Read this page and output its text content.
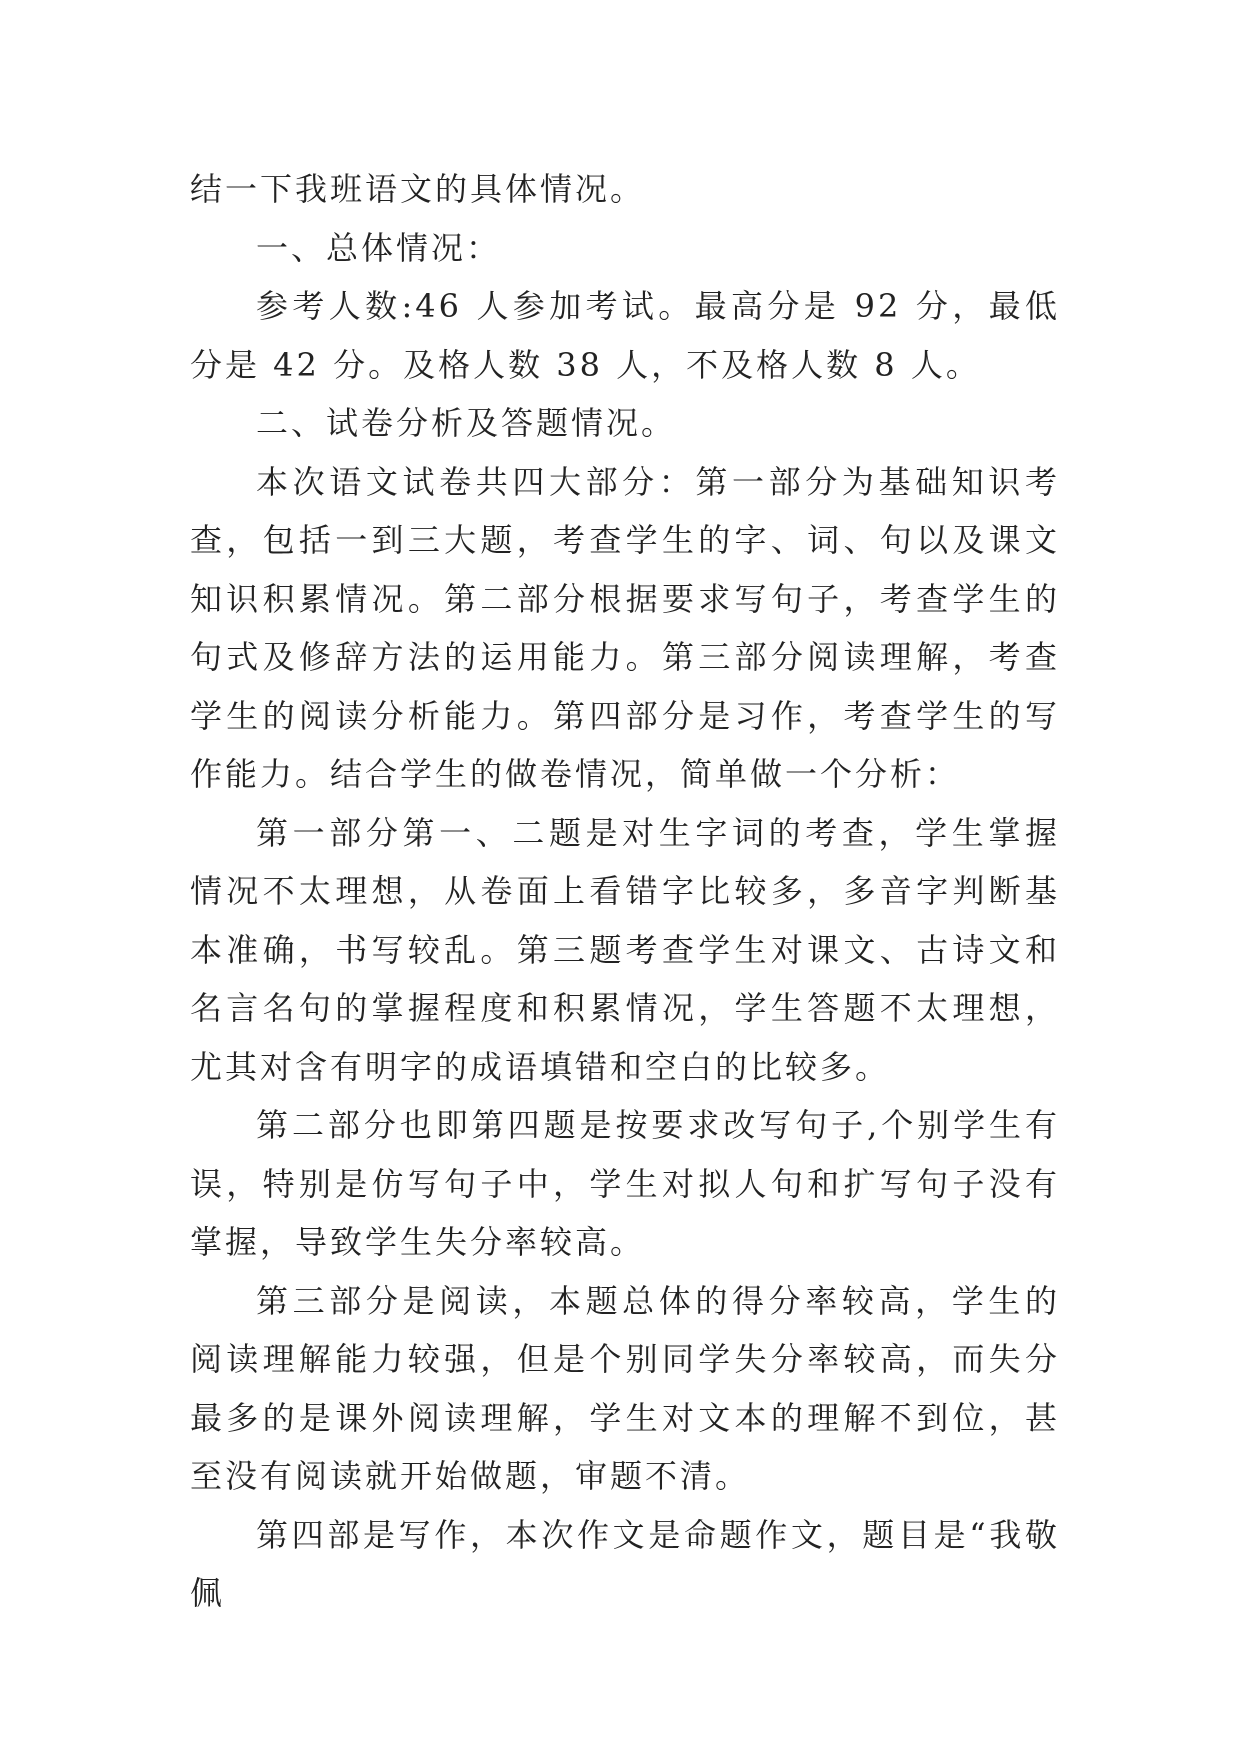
结一下我班语文的具体情况。

一、总体情况：

参考人数:46 人参加考试。最高分是 92 分，最低分是 42 分。及格人数 38 人，不及格人数 8 人。

二、试卷分析及答题情况。

本次语文试卷共四大部分：第一部分为基础知识考查，包括一到三大题，考查学生的字、词、句以及课文知识积累情况。第二部分根据要求写句子，考查学生的句式及修辞方法的运用能力。第三部分阅读理解，考查学生的阅读分析能力。第四部分是习作，考查学生的写作能力。结合学生的做卷情况，简单做一个分析：

第一部分第一、二题是对生字词的考查，学生掌握情况不太理想，从卷面上看错字比较多，多音字判断基本准确，书写较乱。第三题考查学生对课文、古诗文和名言名句的掌握程度和积累情况，学生答题不太理想，尤其对含有明字的成语填错和空白的比较多。

第二部分也即第四题是按要求改写句子,个别学生有误，特别是仿写句子中，学生对拟人句和扩写句子没有掌握，导致学生失分率较高。

第三部分是阅读，本题总体的得分率较高，学生的阅读理解能力较强，但是个别同学失分率较高，而失分最多的是课外阅读理解，学生对文本的理解不到位，甚至没有阅读就开始做题，审题不清。

第四部是写作，本次作文是命题作文，题目是“我敬佩
